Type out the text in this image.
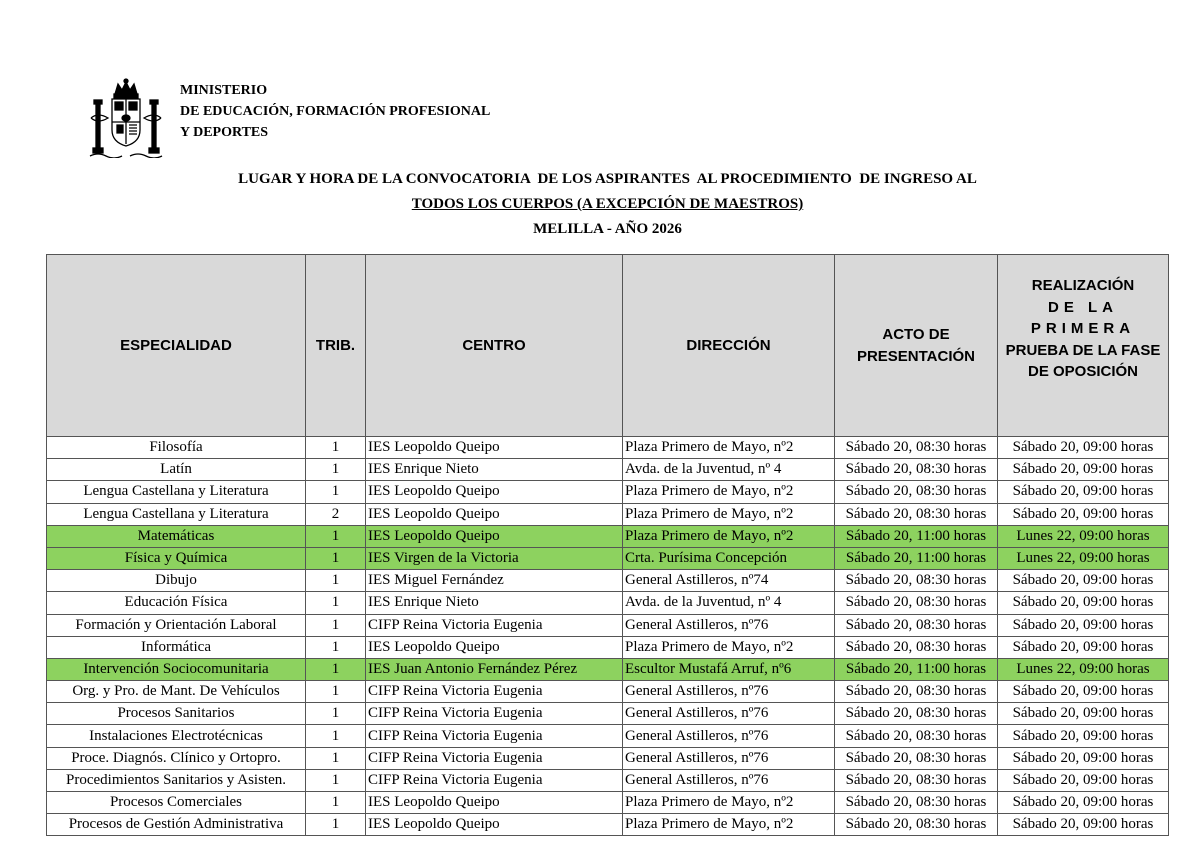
MINISTERIO
DE EDUCACIÓN, FORMACIÓN PROFESIONAL
Y DEPORTES
LUGAR Y HORA DE LA CONVOCATORIA  DE LOS ASPIRANTES  AL PROCEDIMIENTO  DE INGRESO AL
TODOS LOS CUERPOS (A EXCEPCIÓN DE MAESTROS)
MELILLA - AÑO 2026
ESPECIALIDAD	TRIB.	CENTRO	DIRECCIÓN	ACTO DE PRESENTACIÓN	REALIZACIÓN
DE LA
PRIMERA
PRUEBA DE LA FASE DE OPOSICIÓN

Filosofía	1	IES Leopoldo Queipo	Plaza Primero de Mayo, nº2	Sábado 20, 08:30 horas	Sábado 20, 09:00 horas
Latín	1	IES Enrique Nieto	Avda. de la Juventud, nº 4	Sábado 20, 08:30 horas	Sábado 20, 09:00 horas
Lengua Castellana y Literatura	1	IES Leopoldo Queipo	Plaza Primero de Mayo, nº2	Sábado 20, 08:30 horas	Sábado 20, 09:00 horas
Lengua Castellana y Literatura	2	IES Leopoldo Queipo	Plaza Primero de Mayo, nº2	Sábado 20, 08:30 horas	Sábado 20, 09:00 horas
Matemáticas	1	IES Leopoldo Queipo	Plaza Primero de Mayo, nº2	Sábado 20, 11:00 horas	Lunes 22, 09:00 horas
Física y Química	1	IES Virgen de la Victoria	Crta. Purísima Concepción	Sábado 20, 11:00 horas	Lunes 22, 09:00 horas
Dibujo	1	IES Miguel Fernández	General Astilleros, nº74	Sábado 20, 08:30 horas	Sábado 20, 09:00 horas
Educación Física	1	IES Enrique Nieto	Avda. de la Juventud, nº 4	Sábado 20, 08:30 horas	Sábado 20, 09:00 horas
Formación y Orientación Laboral	1	CIFP Reina Victoria Eugenia	General Astilleros, nº76	Sábado 20, 08:30 horas	Sábado 20, 09:00 horas
Informática	1	IES Leopoldo Queipo	Plaza Primero de Mayo, nº2	Sábado 20, 08:30 horas	Sábado 20, 09:00 horas
Intervención Sociocomunitaria	1	IES Juan Antonio Fernández Pérez	Escultor Mustafá Arruf, nº6	Sábado 20, 11:00 horas	Lunes 22, 09:00 horas
Org. y Pro. de Mant. De Vehículos	1	CIFP Reina Victoria Eugenia	General Astilleros, nº76	Sábado 20, 08:30 horas	Sábado 20, 09:00 horas
Procesos Sanitarios	1	CIFP Reina Victoria Eugenia	General Astilleros, nº76	Sábado 20, 08:30 horas	Sábado 20, 09:00 horas
Instalaciones Electrotécnicas	1	CIFP Reina Victoria Eugenia	General Astilleros, nº76	Sábado 20, 08:30 horas	Sábado 20, 09:00 horas
Proce. Diagnós. Clínico y Ortopro.	1	CIFP Reina Victoria Eugenia	General Astilleros, nº76	Sábado 20, 08:30 horas	Sábado 20, 09:00 horas
Procedimientos Sanitarios y Asisten.	1	CIFP Reina Victoria Eugenia	General Astilleros, nº76	Sábado 20, 08:30 horas	Sábado 20, 09:00 horas
Procesos Comerciales	1	IES Leopoldo Queipo	Plaza Primero de Mayo, nº2	Sábado 20, 08:30 horas	Sábado 20, 09:00 horas
Procesos de Gestión Administrativa	1	IES Leopoldo Queipo	Plaza Primero de Mayo, nº2	Sábado 20, 08:30 horas	Sábado 20, 09:00 horas
